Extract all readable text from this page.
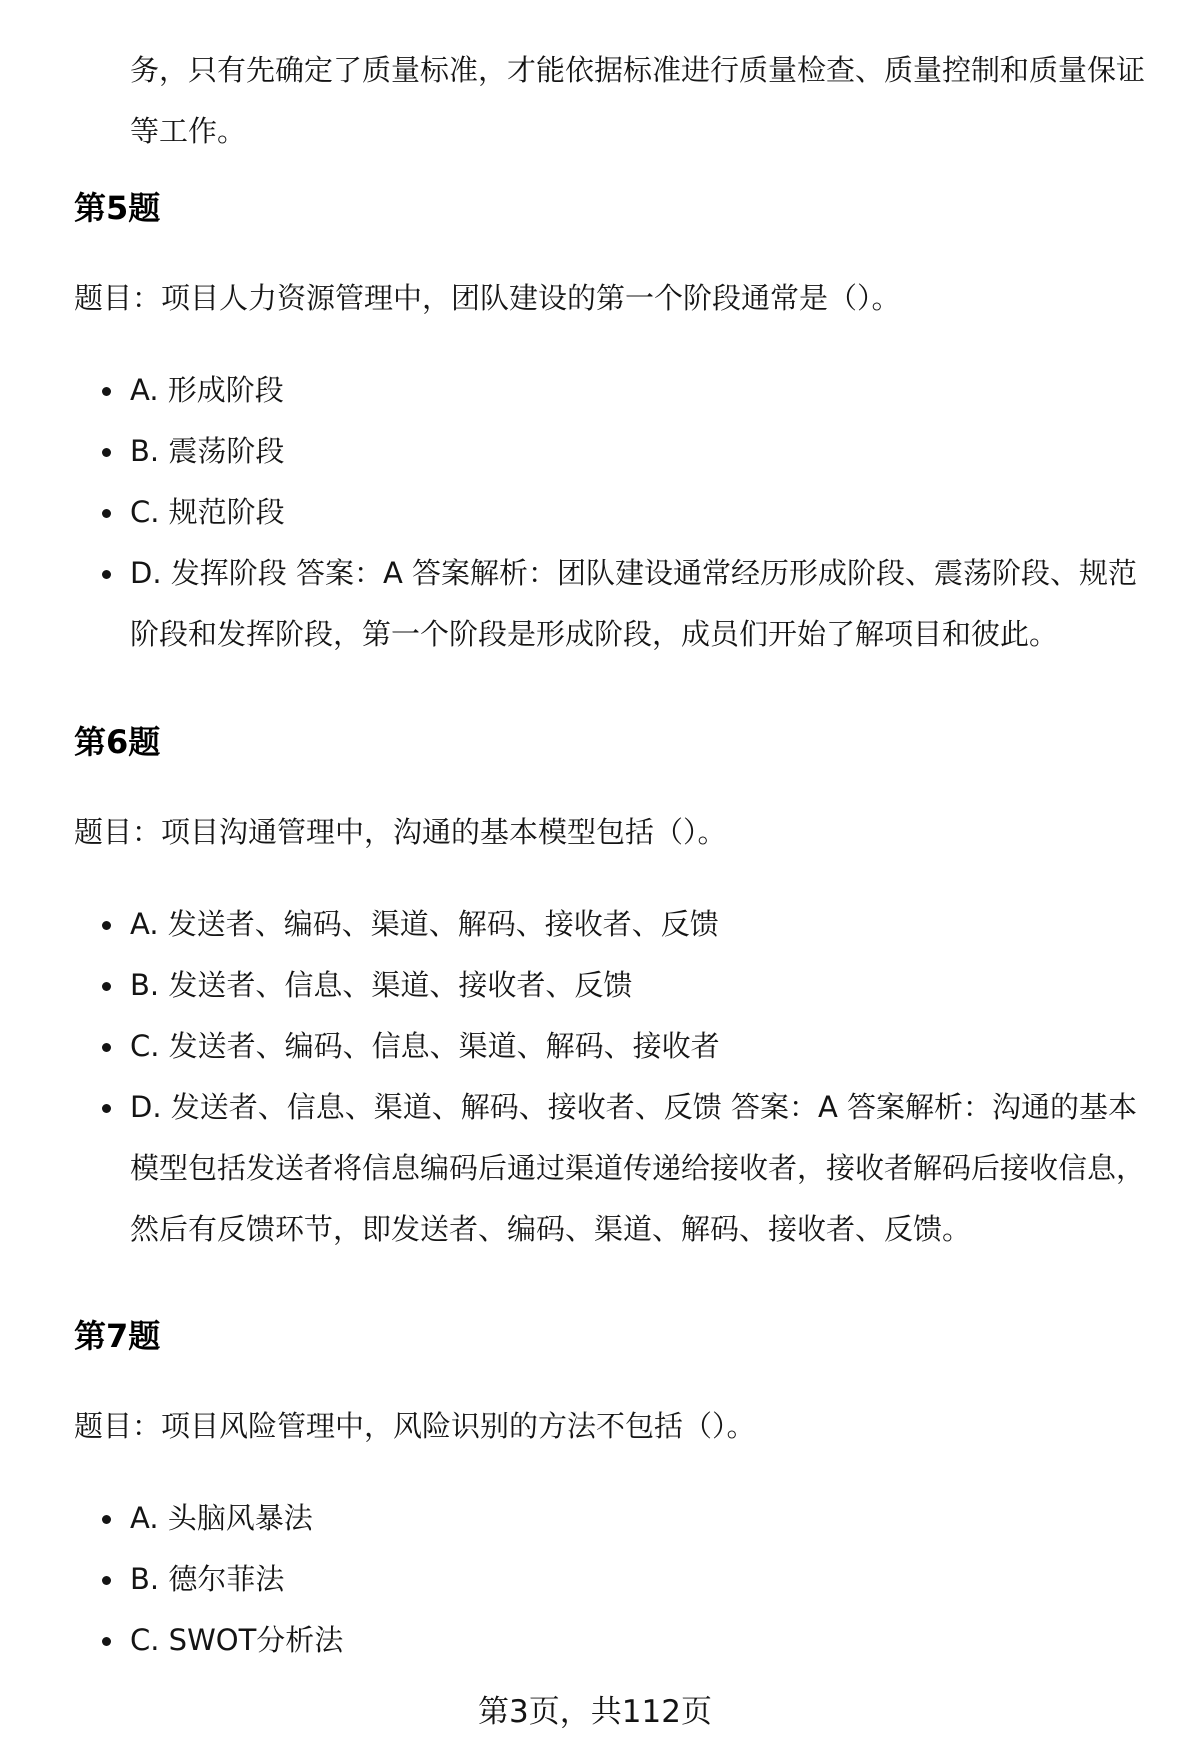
务，只有先确定了质量标准，才能依据标准进行质量检查、质量控制和质量保证等工作。
第5题

题目：项目人力资源管理中，团队建设的第一个阶段通常是（）。

A. 形成阶段
B. 震荡阶段
C. 规范阶段
D. 发挥阶段 答案：A 答案解析：团队建设通常经历形成阶段、震荡阶段、规范阶段和发挥阶段，第一个阶段是形成阶段，成员们开始了解项目和彼此。
第6题

题目：项目沟通管理中，沟通的基本模型包括（）。

A. 发送者、编码、渠道、解码、接收者、反馈
B. 发送者、信息、渠道、接收者、反馈
C. 发送者、编码、信息、渠道、解码、接收者
D. 发送者、信息、渠道、解码、接收者、反馈 答案：A 答案解析：沟通的基本模型包括发送者将信息编码后通过渠道传递给接收者，接收者解码后接收信息，然后有反馈环节，即发送者、编码、渠道、解码、接收者、反馈。
第7题

题目：项目风险管理中，风险识别的方法不包括（）。

A. 头脑风暴法
B. 德尔菲法
C. SWOT分析法
第3页，共112页
